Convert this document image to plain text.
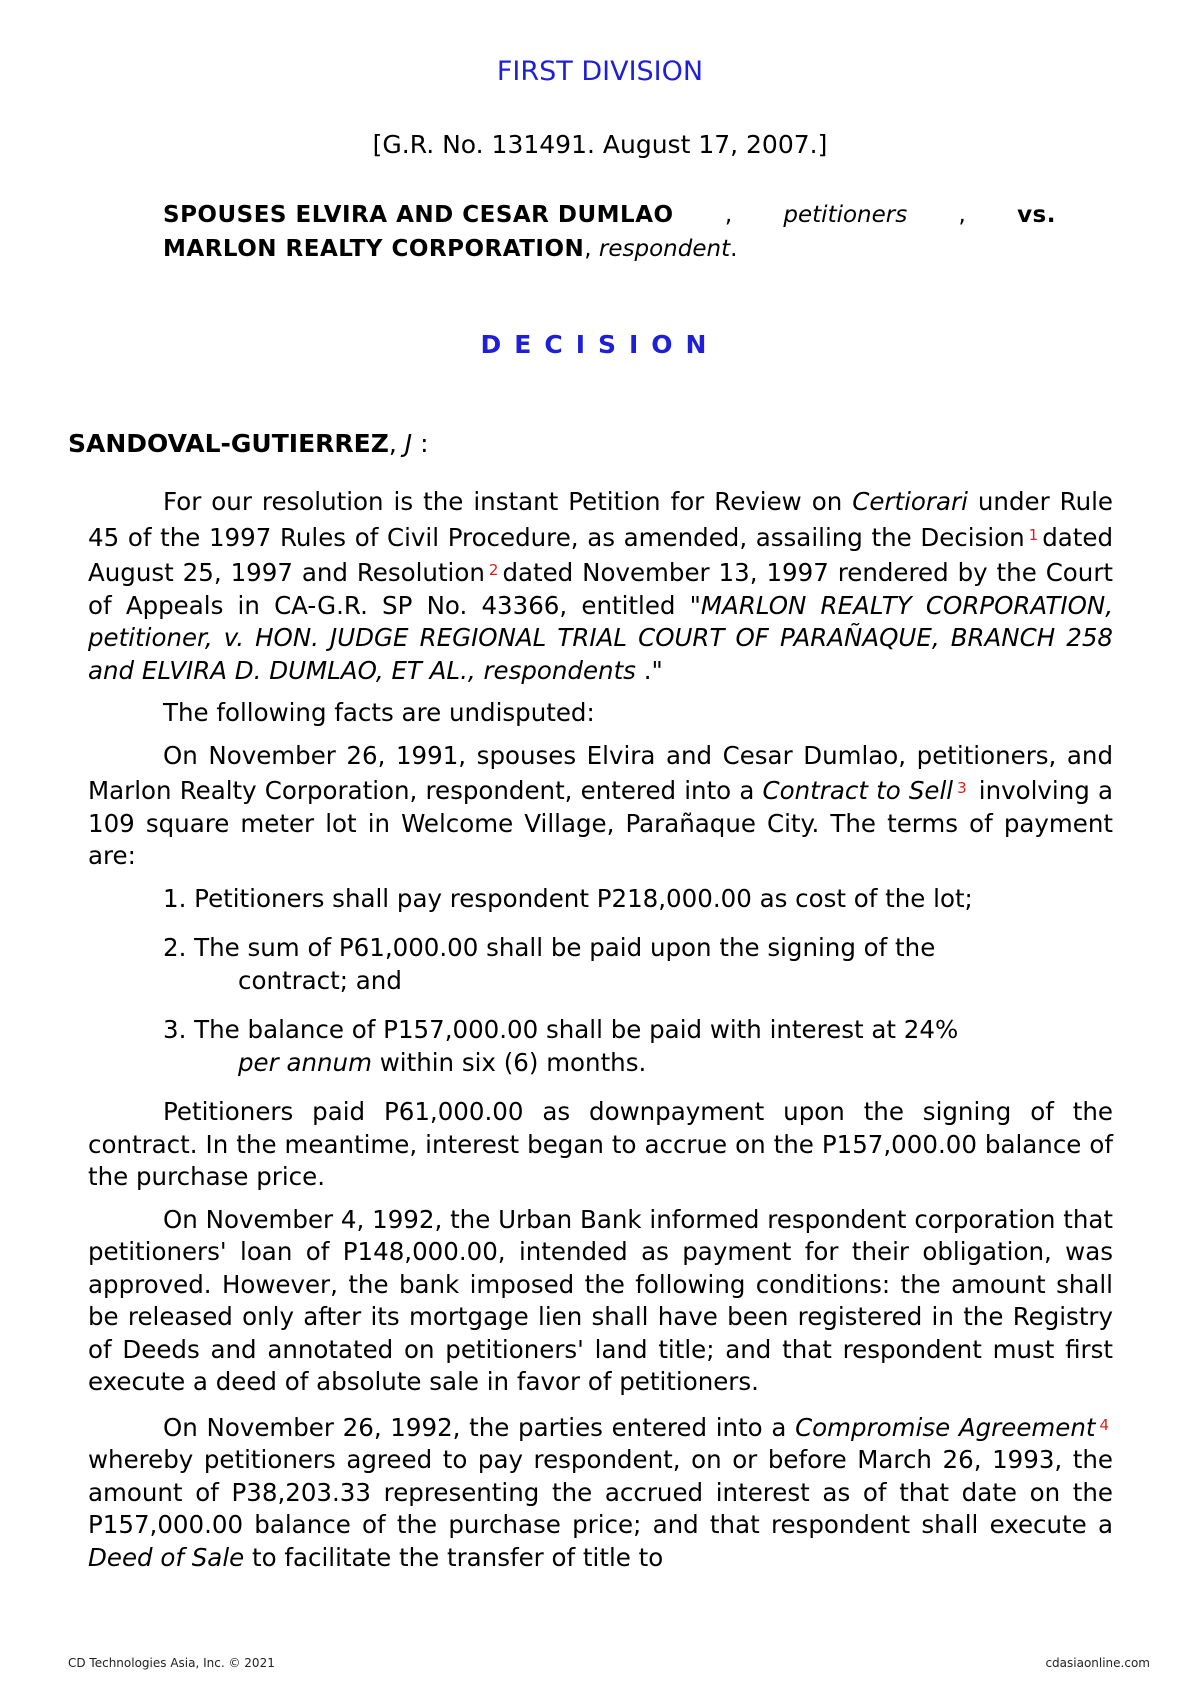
FIRST DIVISION
[G.R. No. 131491. August 17, 2007.]
SPOUSES ELVIRA AND CESAR DUMLAO , petitioners , vs.
MARLON REALTY CORPORATION, respondent.
DECISION
SANDOVAL-GUTIERREZ, J :

For our resolution is the instant Petition for Review on Certiorari under Rule 45 of the 1997 Rules of Civil Procedure, as amended, assailing the Decision $^1$ dated August 25, 1997 and Resolution $^2$ dated November 13, 1997 rendered by the Court of Appeals in CA-G.R. SP No. 43366, entitled "MARLON REALTY CORPORATION, petitioner, v. HON. JUDGE REGIONAL TRIAL COURT OF PARAÑAQUE, BRANCH 258 and ELVIRA D. DUMLAO, ET AL., respondents ."

The following facts are undisputed:

On November 26, 1991, spouses Elvira and Cesar Dumlao, petitioners, and Marlon Realty Corporation, respondent, entered into a Contract to Sell $^3$ involving a 109 square meter lot in Welcome Village, Parañaque City. The terms of payment are:

1. Petitioners shall pay respondent P218,000.00 as cost of the lot;

2. The sum of P61,000.00 shall be paid upon the signing of the
contract; and

3. The balance of P157,000.00 shall be paid with interest at 24%
per annum within six (6) months.

Petitioners paid P61,000.00 as downpayment upon the signing of the contract. In the meantime, interest began to accrue on the P157,000.00 balance of the purchase price.

On November 4, 1992, the Urban Bank informed respondent corporation that petitioners' loan of P148,000.00, intended as payment for their obligation, was approved. However, the bank imposed the following conditions: the amount shall be released only after its mortgage lien shall have been registered in the Registry of Deeds and annotated on petitioners' land title; and that respondent must first execute a deed of absolute sale in favor of petitioners.

On November 26, 1992, the parties entered into a Compromise Agreement $^4$ whereby petitioners agreed to pay respondent, on or before March 26, 1993, the amount of P38,203.33 representing the accrued interest as of that date on the P157,000.00 balance of the purchase price; and that respondent shall execute a Deed of Sale to facilitate the transfer of title to

CD Technologies Asia, Inc. © 2021	cdasiaonline.com
